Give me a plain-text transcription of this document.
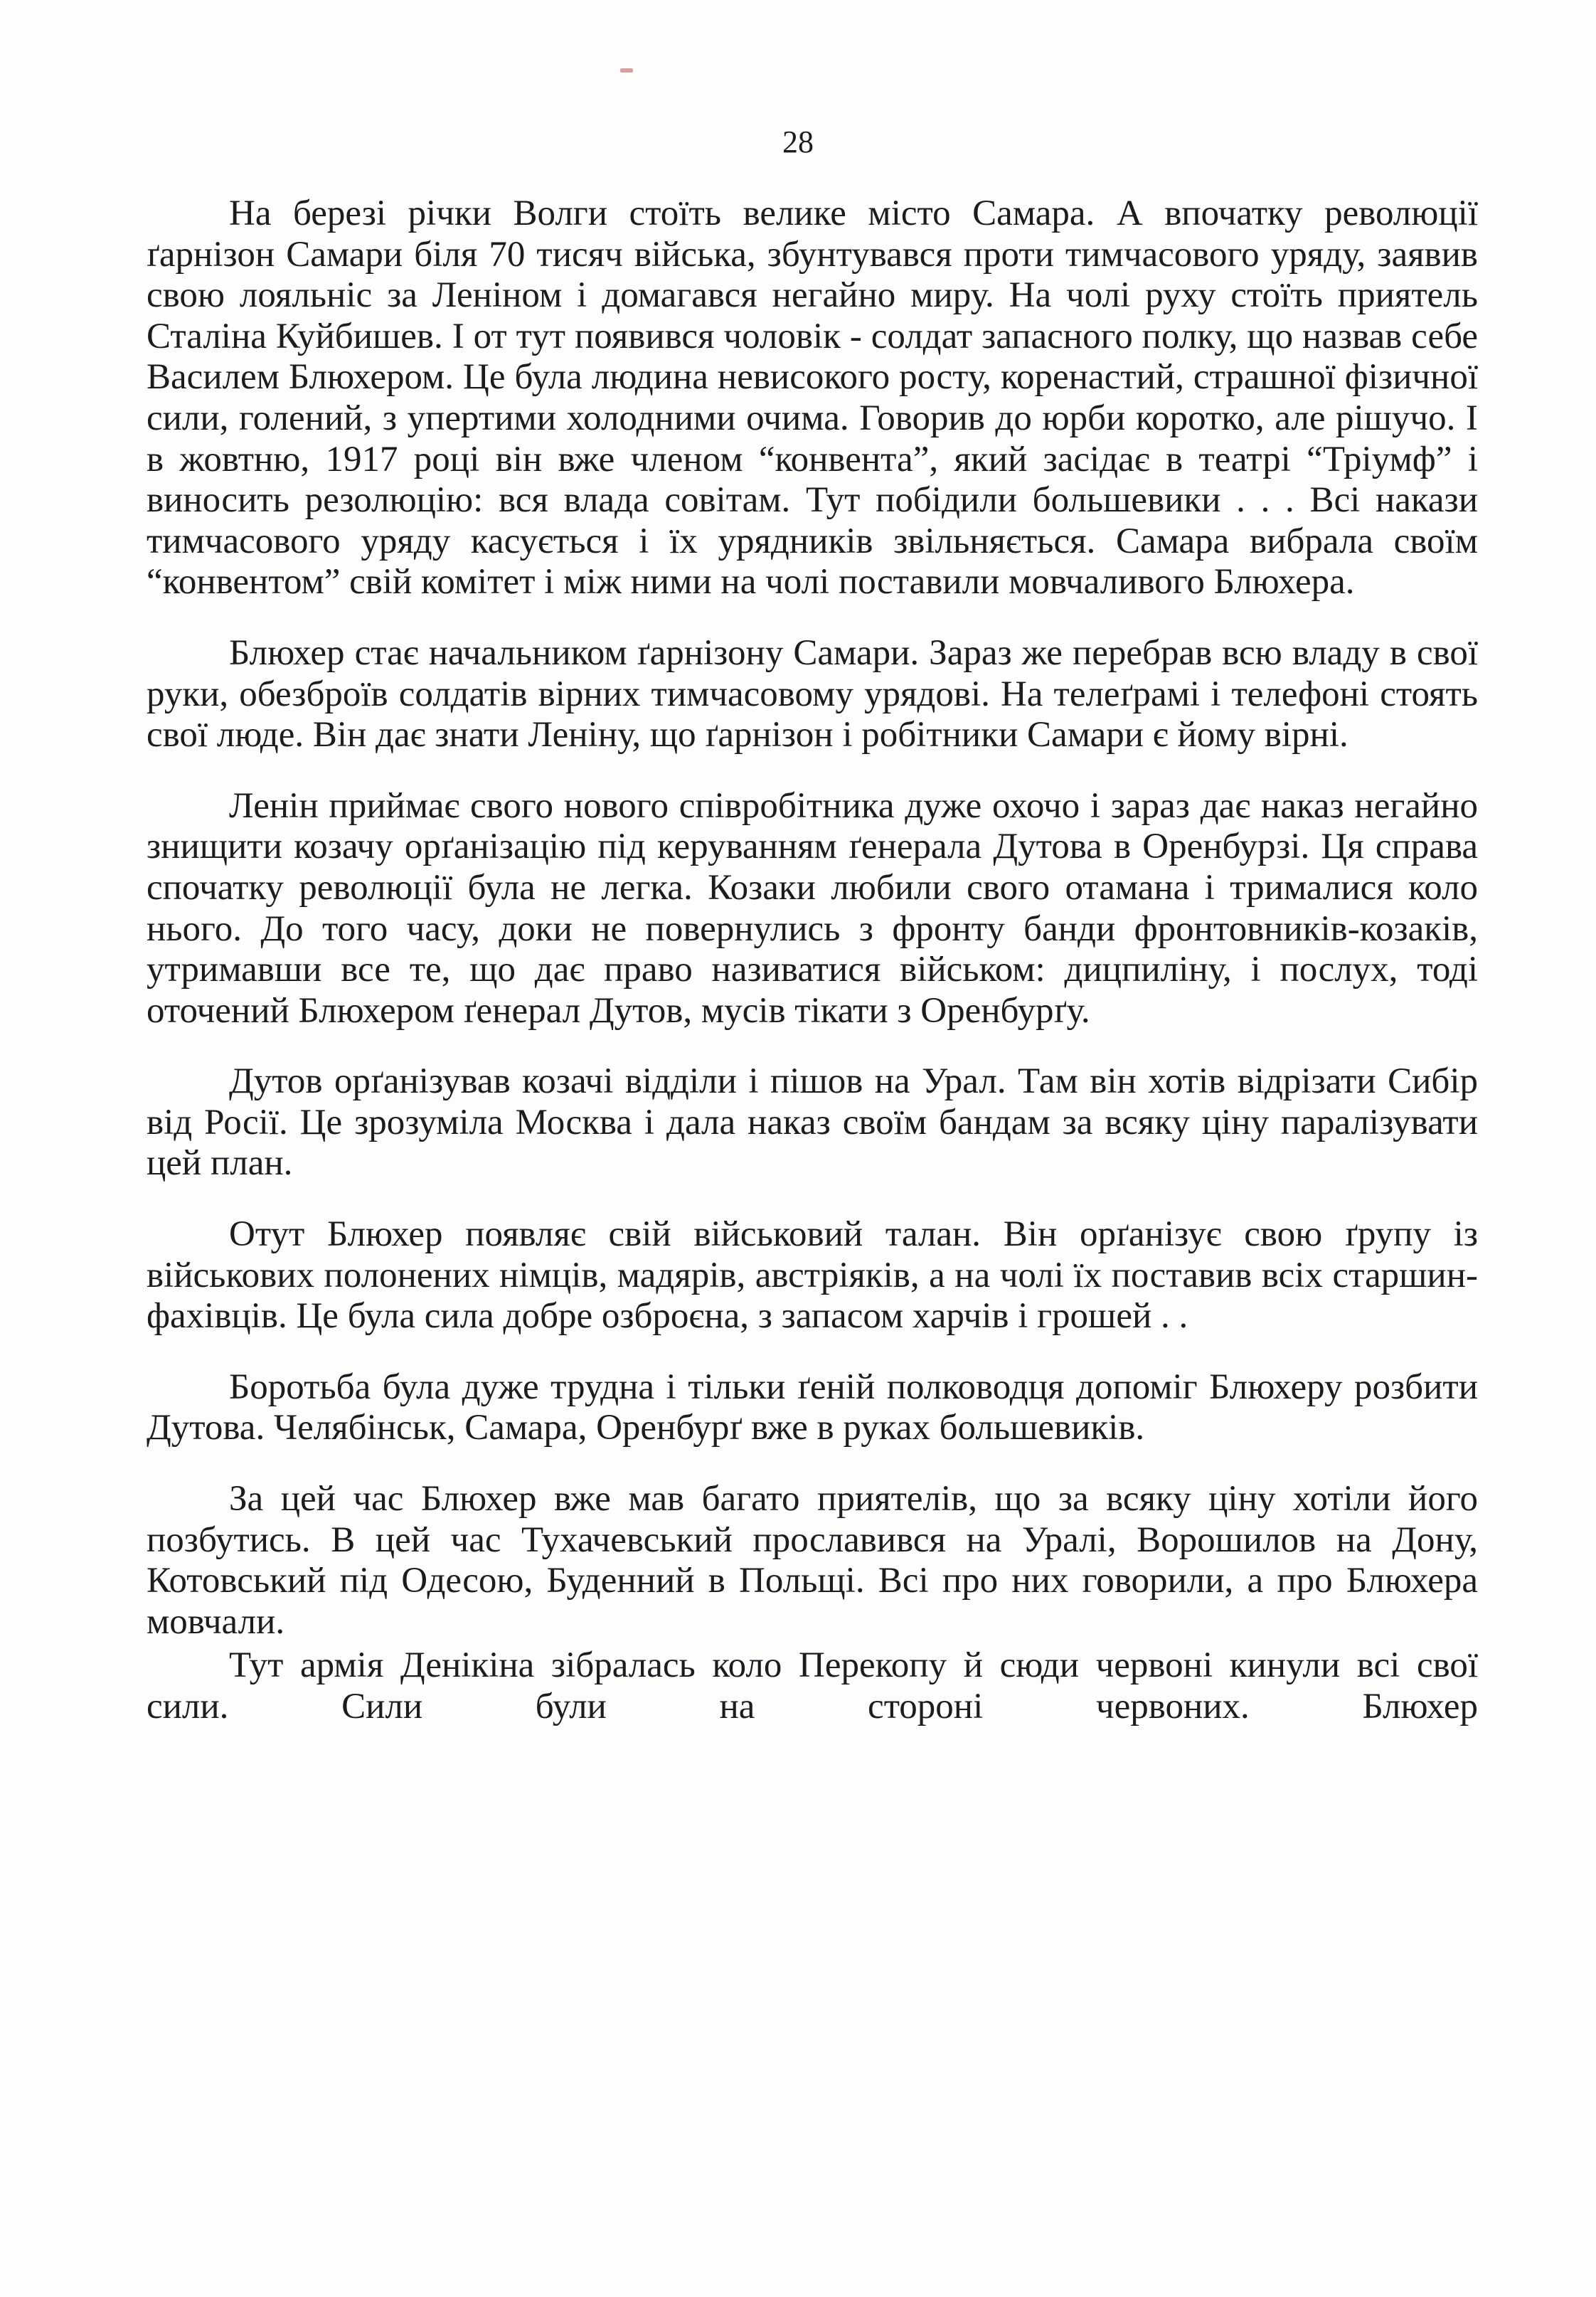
28

На березі річки Волги стоїть велике місто Самара. А впочатку революції ґарнізон Самари біля 70 тисяч війська, збунтувався проти тимчасового уряду, заявив свою лояльніс за Леніном і домагався негайно миру. На чолі руху стоїть приятель Сталіна Куйбишев. І от тут появився чоловік - солдат запасного полку, що назвав себе Василем Блюхером. Це була людина невисокого росту, коренастий, страшної фізичної сили, голений, з упертими холодними очима. Говорив до юрби коротко, але рішучо. І в жовтню, 1917 році він вже членом “конвента”, який засідає в театрі “Тріумф” і виносить резолюцію: вся влада совітам. Тут побідили большевики . . . Всі накази тимчасового уряду касується і їх урядників звільняється. Самара вибрала своїм “конвентом” свій комітет і між ними на чолі поставили мовчаливого Блюхера.

Блюхер стає начальником ґарнізону Самари. Зараз же перебрав всю владу в свої руки, обезброїв солдатів вірних тимчасовому урядові. На телеґрамі і телефоні стоять свої люде. Він дає знати Леніну, що ґарнізон і робітники Самари є йому вірні.

Ленін приймає свого нового співробітника дуже охочо і зараз дає наказ негайно знищити козачу орґанізацію під керуванням ґенерала Дутова в Оренбурзі. Ця справа спочатку революції була не легка. Козаки любили свого отамана і трималися коло нього. До того часу, доки не повернулись з фронту банди фронтовників-козаків, утримавши все те, що дає право називатися військом: дицпиліну, і послух, тоді оточений Блюхером ґенерал Дутов, мусів тікати з Оренбурґу.

Дутов орґанізував козачі відділи і пішов на Урал. Там він хотів відрізати Сибір від Росії. Це зрозуміла Москва і дала наказ своїм бандам за всяку ціну паралізувати цей план.

Отут Блюхер появляє свій військовий талан. Він орґанізує свою ґрупу із військових полонених німців, мадярів, австріяків, а на чолі їх поставив всіх старшин-фахівців. Це була сила добре озброєна, з запасом харчів і грошей . .

Боротьба була дуже трудна і тільки ґеній полководця допоміг Блюхеру розбити Дутова. Челябінськ, Самара, Оренбурґ вже в руках большевиків.

За цей час Блюхер вже мав багато приятелів, що за всяку ціну хотіли його позбутись. В цей час Тухачевський прославився на Уралі, Ворошилов на Дону, Котовський під Одесою, Буденний в Польщі. Всі про них говорили, а про Блюхера мовчали.

Тут армія Денікіна зібралась коло Перекопу й сюди червоні кинули всі свої сили. Сили були на стороні червоних. Блюхер
